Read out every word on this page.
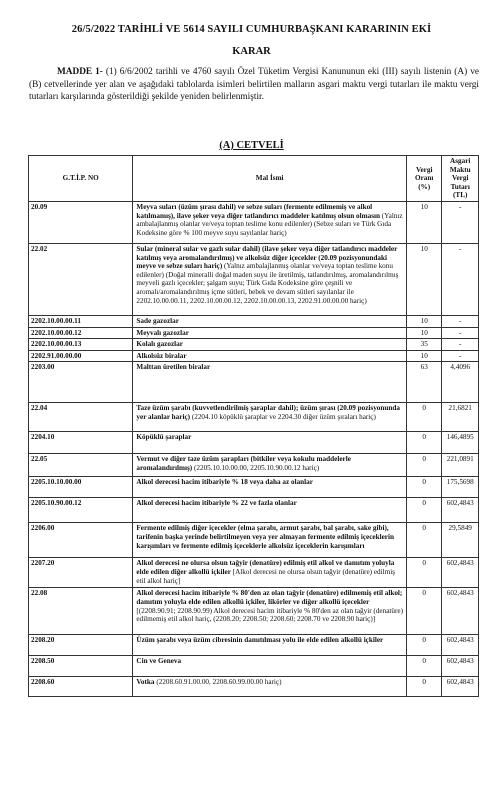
26/5/2022 TARİHLİ VE 5614 SAYILI CUMHURBAŞKANI KARARININ EKİ
KARAR
MADDE 1- (1) 6/6/2002 tarihli ve 4760 sayılı Özel Tüketim Vergisi Kanununun eki (III) sayılı listenin (A) ve (B) cetvellerinde yer alan ve aşağıdaki tablolarda isimleri belirtilen malların asgari maktu vergi tutarları ile maktu vergi tutarları karşılarında gösterildiği şekilde yeniden belirlenmiştir.
(A) CETVELİ
G.T.İ.P. NO	Mal İsmi	Vergi Oranı (%)	Asgari Maktu Vergi Tutarı (TL)
20.09	Meyva suları (üzüm şırası dahil) ve sebze suları (fermente edilmemiş ve alkol katılmamış), ilave şeker veya diğer tatlandırıcı maddeler katılmış olsun olmasın (Yalnız ambalajlanmış olanlar ve/veya toptan teslime konu edilenler) (Sebze suları ve Türk Gıda Kodeksine göre % 100 meyve suyu sayılanlar hariç)	10	-
22.02	Sular (mineral sular ve gazlı sular dahil) (ilave şeker veya diğer tatlandırıcı maddeler katılmış veya aromalandırılmış) ve alkolsüz diğer içecekler (20.09 pozisyonundaki meyve ve sebze suları hariç) (Yalnız ambalajlanmış olanlar ve/veya toptan teslime konu edilenler) (Doğal mineralli doğal maden suyu ile üretilmiş, tatlandırılmış, aromalandırılmış meyveli gazlı içecekler; şalgam suyu; Türk Gıda Kodeksine göre çeşnili ve aromalı/aromalandırılmış içme sütleri, bebek ve devam sütleri sayılanlar ile 2202.10.00.00.11, 2202.10.00.00.12, 2202.10.00.00.13, 2202.91.00.00.00 hariç)	10	-
2202.10.00.00.11	Sade gazozlar	10	-
2202.10.00.00.12	Meyvalı gazozlar	10	-
2202.10.00.00.13	Kolalı gazozlar	35	-
2202.91.00.00.00	Alkolsüz biralar	10	-
2203.00	Malttan üretilen biralar	63	4,4096
22.04	Taze üzüm şarabı (kuvvetlendirilmiş şaraplar dahil); üzüm şırası (20.09 pozisyonunda yer alanlar hariç) (2204.10 köpüklü şaraplar ve 2204.30 diğer üzüm şıraları hariç)	0	21,6821
2204.10	Köpüklü şaraplar	0	146,4895
22.05	Vermut ve diğer taze üzüm şarapları (bitkiler veya kokulu maddelerle aromalandırılmış) (2205.10.10.00.00, 2205.10.90.00.12 hariç)	0	221,0891
2205.10.10.00.00	Alkol derecesi hacim itibariyle % 18 veya daha az olanlar	0	175,5698
2205.10.90.00.12	Alkol derecesi hacim itibariyle % 22 ve fazla olanlar	0	602,4843
2206.00	Fermente edilmiş diğer içecekler (elma şarabı, armut şarabı, bal şarabı, sake gibi), tarifenin başka yerinde belirtilmeyen veya yer almayan fermente edilmiş içeceklerin karışımları ve fermente edilmiş içeceklerle alkolsüz içeceklerin karışımları	0	29,5849
2207.20	Alkol derecesi ne olursa olsun tağyir (denatüre) edilmiş etil alkol ve damıtım yoluyla elde edilen diğer alkollü içkiler [Alkol derecesi ne olursa olsun tağyir (denatüre) edilmiş etil alkol hariç]	0	602,4843
22.08	Alkol derecesi hacim itibariyle % 80'den az olan tağyir (denatüre) edilmemiş etil alkol; damıtım yoluyla elde edilen alkollü içkiler, likörler ve diğer alkollü içecekler [(2208.90.91; 2208.90.99) Alkol derecesi hacim itibariyle % 80'den az olan tağyir (denatüre) edilmemiş etil alkol hariç, (2208.20; 2208.50; 2208.60; 2208.70 ve 2208.90 hariç)]	0	602,4843
2208.20	Üzüm şarabı veya üzüm cibresinin damıtılması yolu ile elde edilen alkollü içkiler	0	602,4843
2208.50	Cin ve Geneva	0	602,4843
2208.60	Votka (2208.60.91.00.00, 2208.60.99.00.00 hariç)	0	602,4843
